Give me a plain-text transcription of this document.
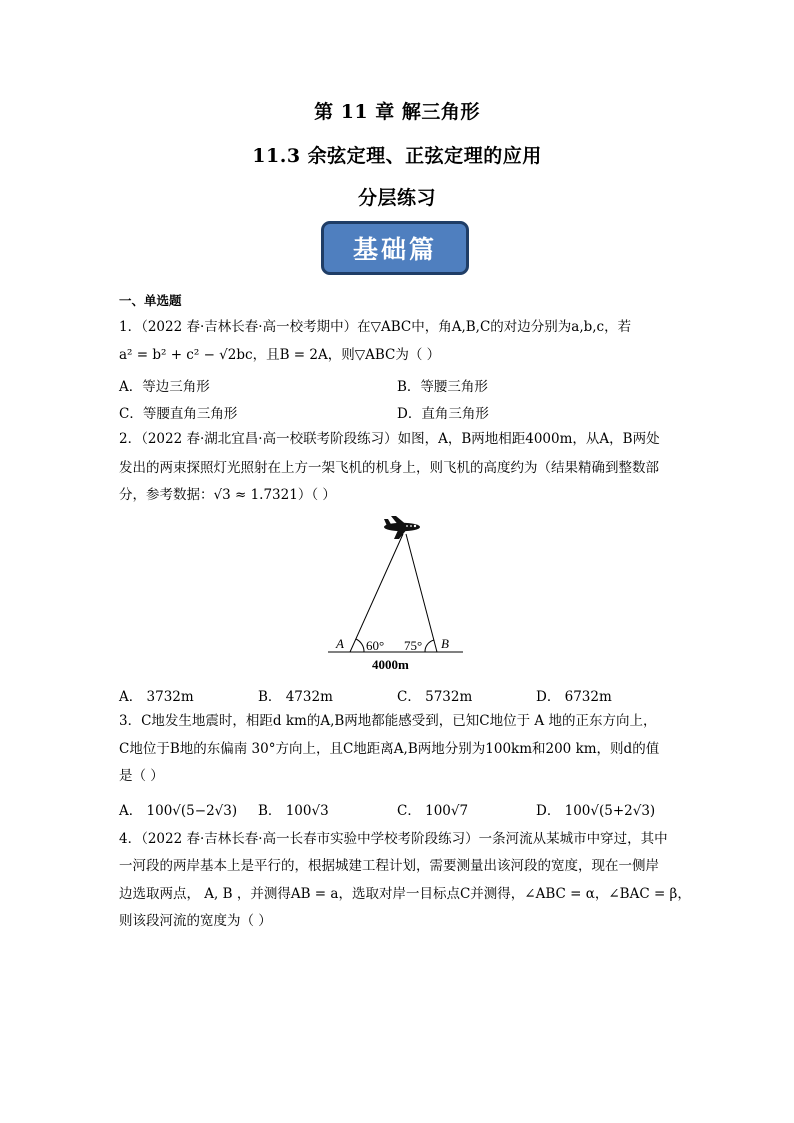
第 11 章 解三角形
11.3 余弦定理、正弦定理的应用
分层练习
基础篇
一、单选题
1．（2022 春·吉林长春·高一校考期中）在▽ABC中，角A,B,C的对边分别为a,b,c，若
a² = b² + c² − √2bc，且B = 2A，则▽ABC为（ ）
A．等边三角形	B．等腰三角形
C．等腰直角三角形	D．直角三角形
2．（2022 春·湖北宜昌·高一校联考阶段练习）如图，A，B两地相距4000m，从A，B两处
发出的两束探照灯光照射在上方一架飞机的机身上，则飞机的高度约为（结果精确到整数部
分，参考数据：√3 ≈ 1.7321）（ ）
A 60° 75° B
4000m
A． 3732m	B． 4732m	C． 5732m	D． 6732m
3．C地发生地震时，相距d km的A,B两地都能感受到，已知C地位于 A 地的正东方向上，
C地位于B地的东偏南 30°方向上，且C地距离A,B两地分别为100km和200 km，则d的值
是（ ）
A． 100√(5−2√3) B． 100√3	C． 100√7	D． 100√(5+2√3)
4．（2022 春·吉林长春·高一长春市实验中学校考阶段练习）一条河流从某城市中穿过，其中
一河段的两岸基本上是平行的，根据城建工程计划，需要测量出该河段的宽度，现在一侧岸
边选取两点， A, B ，并测得AB = a，选取对岸一目标点C并测得，∠ABC = α，∠BAC = β，
则该段河流的宽度为（ ）
